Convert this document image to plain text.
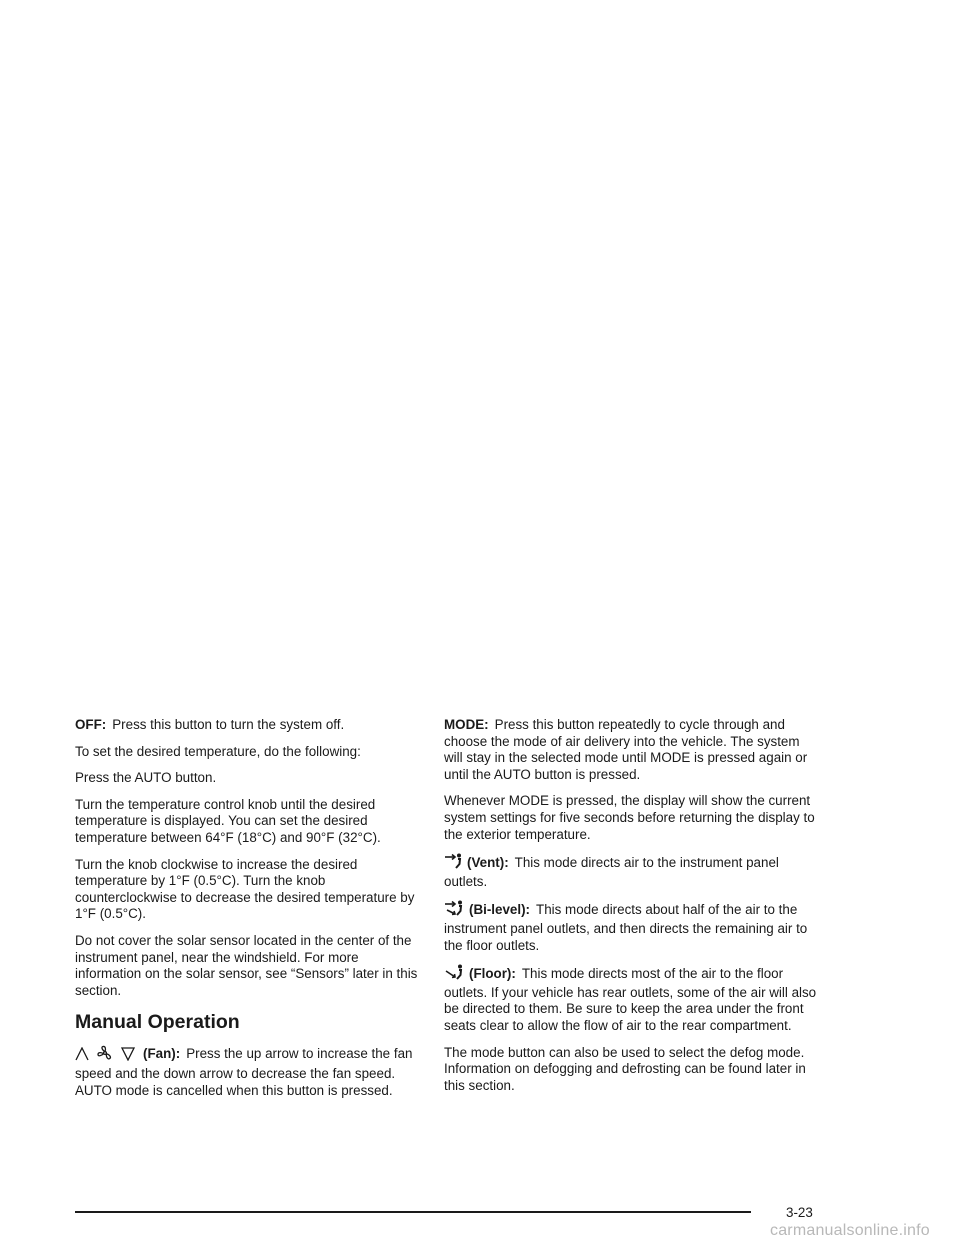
OFF: Press this button to turn the system off.

To set the desired temperature, do the following:

Press the AUTO button.

Turn the temperature control knob until the desired temperature is displayed. You can set the desired temperature between 64°F (18°C) and 90°F (32°C).

Turn the knob clockwise to increase the desired temperature by 1°F (0.5°C). Turn the knob counterclockwise to decrease the desired temperature by 1°F (0.5°C).

Do not cover the solar sensor located in the center of the instrument panel, near the windshield. For more information on the solar sensor, see “Sensors” later in this section.

Manual Operation

(Fan): Press the up arrow to increase the fan speed and the down arrow to decrease the fan speed. AUTO mode is cancelled when this button is pressed.

MODE: Press this button repeatedly to cycle through and choose the mode of air delivery into the vehicle. The system will stay in the selected mode until MODE is pressed again or until the AUTO button is pressed.

Whenever MODE is pressed, the display will show the current system settings for five seconds before returning the display to the exterior temperature.

(Vent): This mode directs air to the instrument panel outlets.

(Bi-level): This mode directs about half of the air to the instrument panel outlets, and then directs the remaining air to the floor outlets.

(Floor): This mode directs most of the air to the floor outlets. If your vehicle has rear outlets, some of the air will also be directed to them. Be sure to keep the area under the front seats clear to allow the flow of air to the rear compartment.

The mode button can also be used to select the defog mode. Information on defogging and defrosting can be found later in this section.

3-23
carmanualsonline.info
